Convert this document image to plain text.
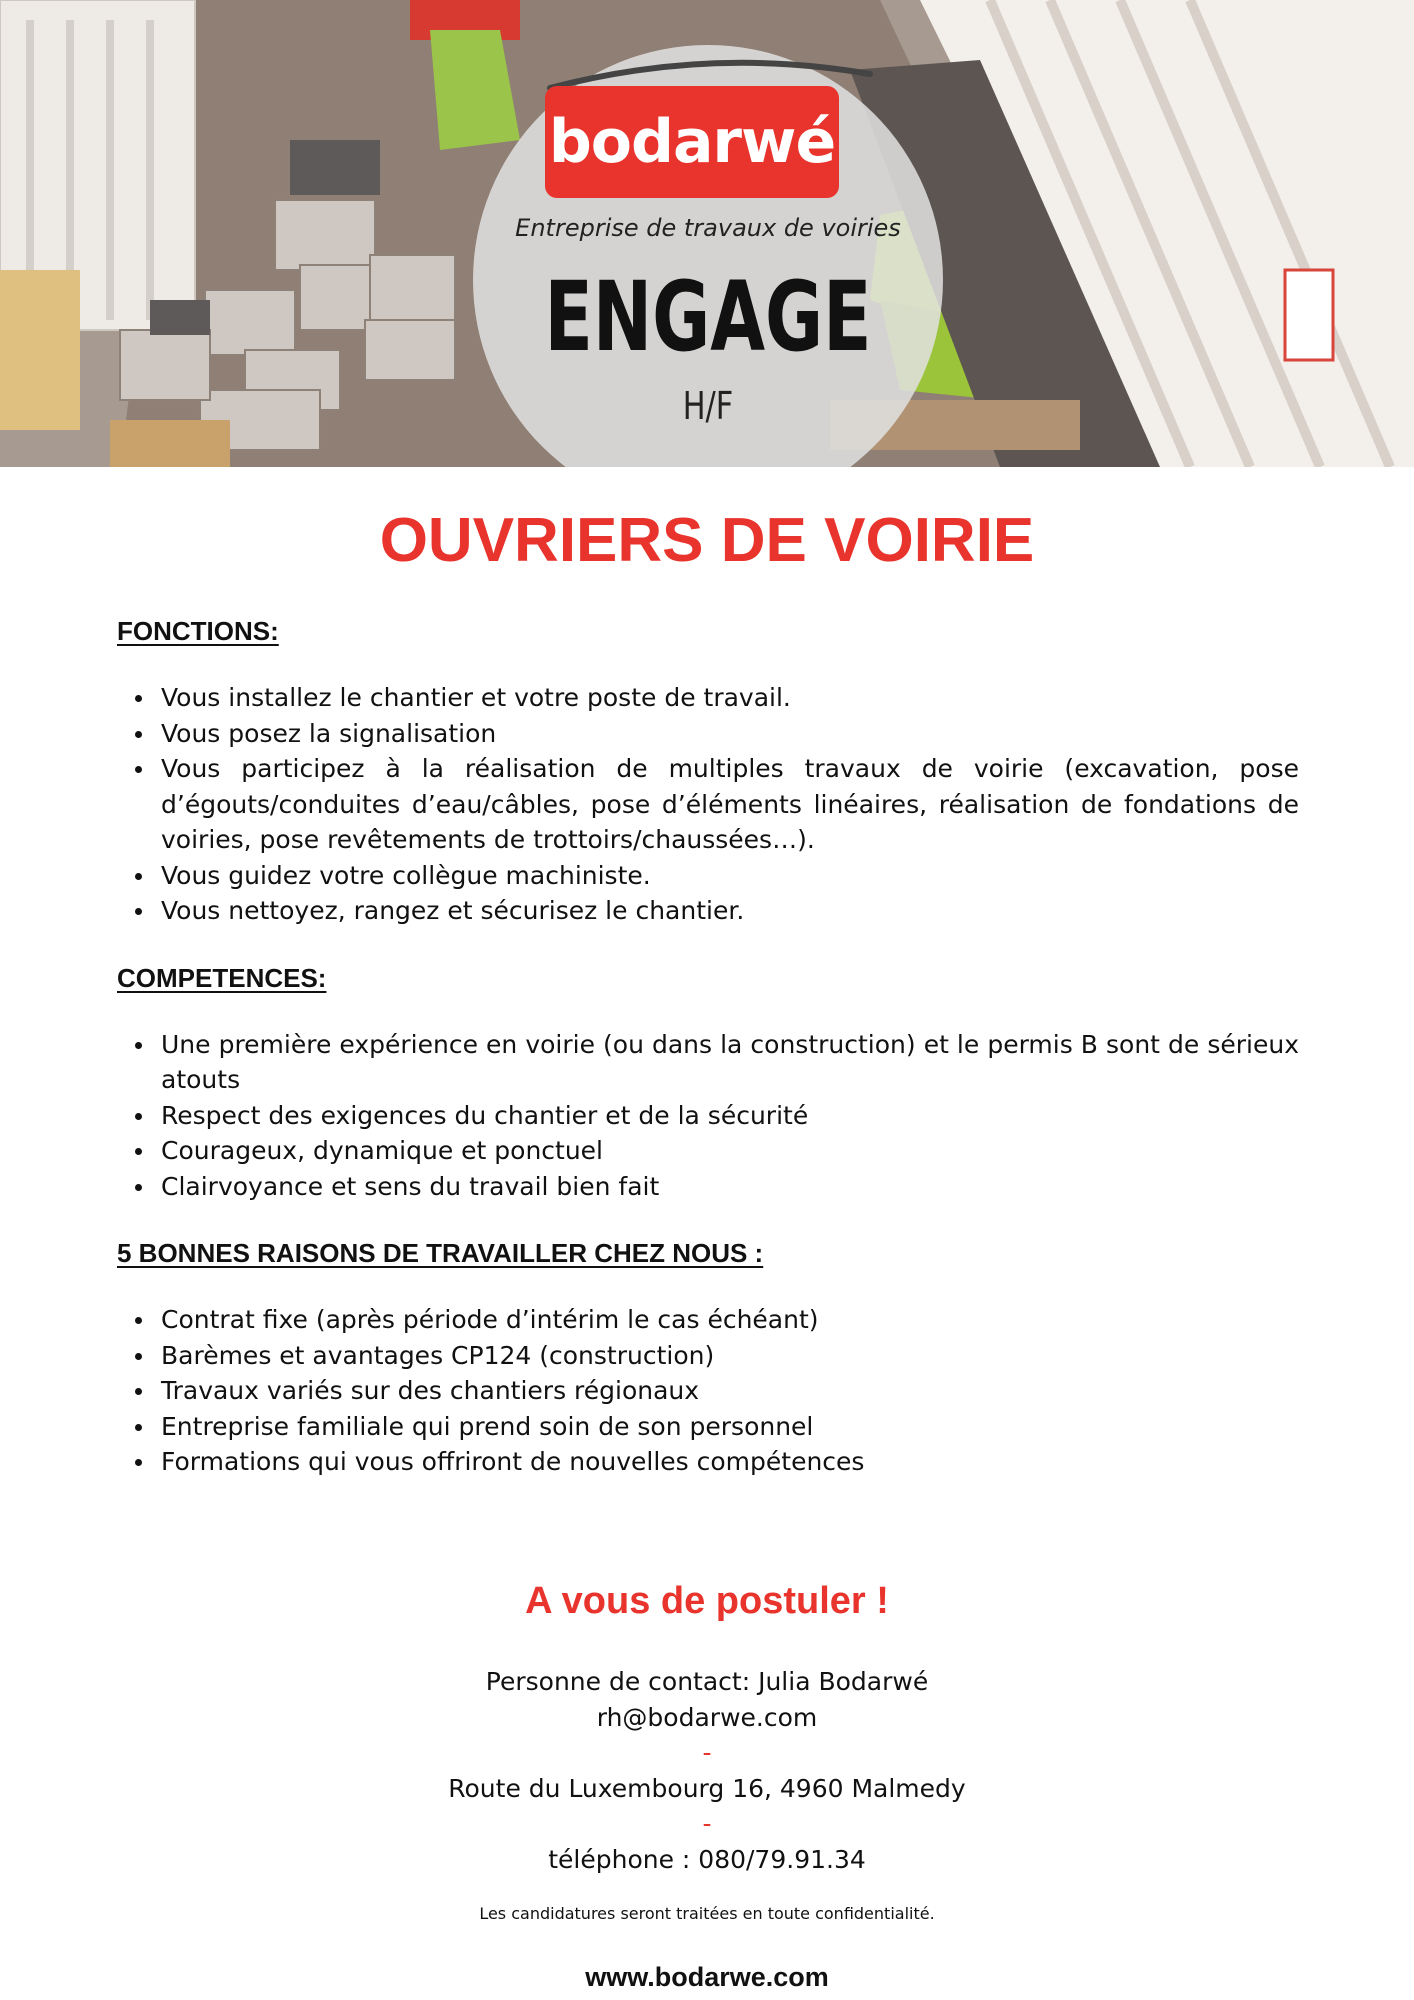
bodarwé
Entreprise de travaux de voiries
ENGAGE
H/F
OUVRIERS DE VOIRIE
FONCTIONS:
Vous installez le chantier et votre poste de travail.
Vous posez la signalisation
Vous participez à la réalisation de multiples travaux de voirie (excavation, pose d’égouts/conduites d’eau/câbles, pose d’éléments linéaires, réalisation de fondations de voiries, pose revêtements de trottoirs/chaussées…).
Vous guidez votre collègue machiniste.
Vous nettoyez, rangez et sécurisez le chantier.
COMPETENCES:
Une première expérience en voirie (ou dans la construction) et le permis B sont de sérieux atouts
Respect des exigences du chantier et de la sécurité
Courageux, dynamique et ponctuel
Clairvoyance et sens du travail bien fait
5 BONNES RAISONS DE TRAVAILLER CHEZ NOUS :
Contrat fixe (après période d’intérim le cas échéant)
Barèmes et avantages CP124 (construction)
Travaux variés sur des chantiers régionaux
Entreprise familiale qui prend soin de son personnel
Formations qui vous offriront de nouvelles compétences
A vous de postuler !
Personne de contact: Julia Bodarwé
rh@bodarwe.com
-
Route du Luxembourg 16, 4960 Malmedy
-
téléphone : 080/79.91.34
Les candidatures seront traitées en toute confidentialité.
www.bodarwe.com
